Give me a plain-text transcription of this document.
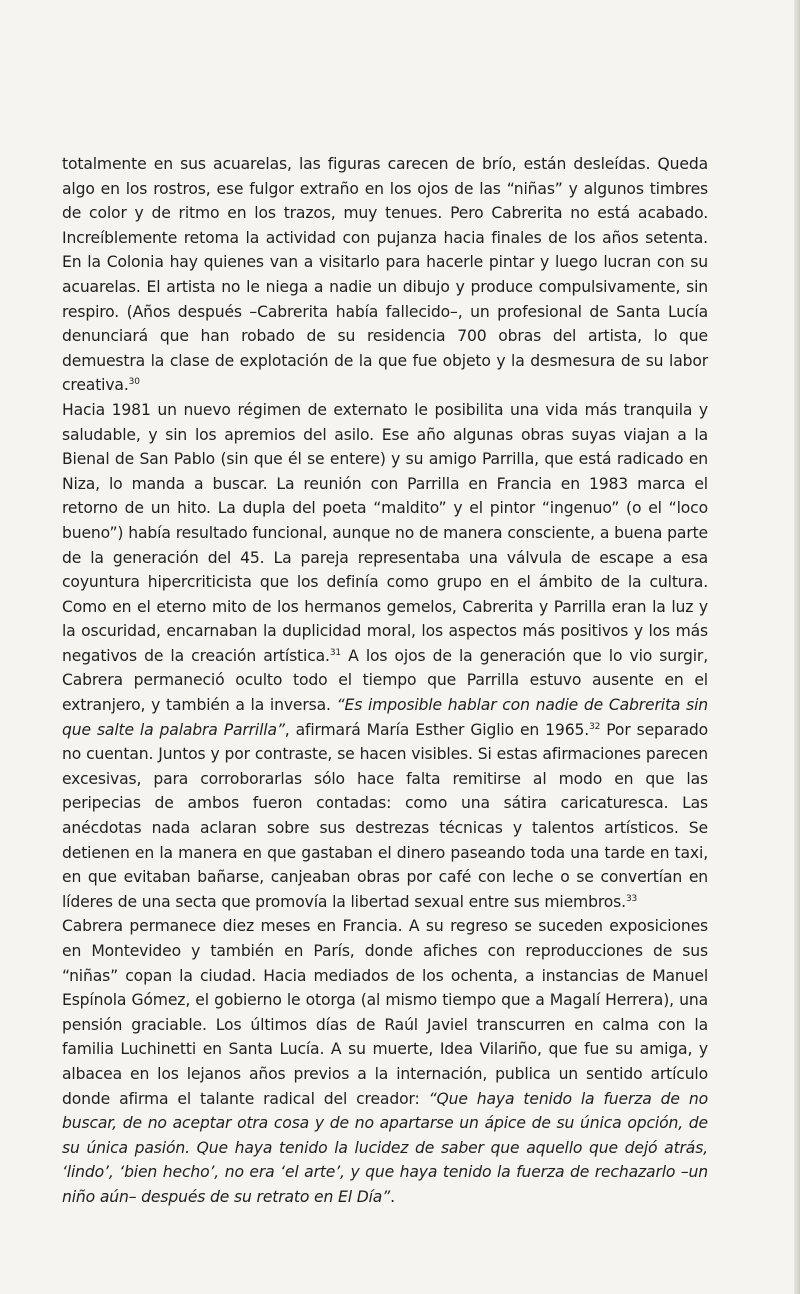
totalmente en sus acuarelas, las figuras carecen de brío, están desleídas. Queda algo en los rostros, ese fulgor extraño en los ojos de las “niñas” y algunos timbres de color y de ritmo en los trazos, muy tenues. Pero Cabrerita no está acabado. Increíblemente retoma la actividad con pujanza hacia finales de los años setenta. En la Colonia hay quienes van a visitarlo para hacerle pintar y luego lucran con su acuarelas. El artista no le niega a nadie un dibujo y produce compulsivamente, sin respiro. (Años después –Cabrerita había fallecido–, un profesional de Santa Lucía denunciará que han robado de su residencia 700 obras del artista, lo que demuestra la clase de explotación de la que fue objeto y la desmesura de su labor creativa.$^{30}$

Hacia 1981 un nuevo régimen de externato le posibilita una vida más tranquila y saludable, y sin los apremios del asilo. Ese año algunas obras suyas viajan a la Bienal de San Pablo (sin que él se entere) y su amigo Parrilla, que está radicado en Niza, lo manda a buscar. La reunión con Parrilla en Francia en 1983 marca el retorno de un hito. La dupla del poeta “maldito” y el pintor “ingenuo” (o el “loco bueno”) había resultado funcional, aunque no de manera consciente, a buena parte de la generación del 45. La pareja representaba una válvula de escape a esa coyuntura hipercriticista que los definía como grupo en el ámbito de la cultura. Como en el eterno mito de los hermanos gemelos, Cabrerita y Parrilla eran la luz y la oscuridad, encarnaban la duplicidad moral, los aspectos más positivos y los más negativos de la creación artística.$^{31}$ A los ojos de la generación que lo vio surgir, Cabrera permaneció oculto todo el tiempo que Parrilla estuvo ausente en el extranjero, y también a la inversa. “Es imposible hablar con nadie de Cabrerita sin que salte la palabra Parrilla”, afirmará María Esther Giglio en 1965.32 Por separado no cuentan. Juntos y por contraste, se hacen visibles. Si estas afirmaciones parecen excesivas, para corroborarlas sólo hace falta remitirse al modo en que las peripecias de ambos fueron contadas: como una sátira caricaturesca. Las anécdotas nada aclaran sobre sus destrezas técnicas y talentos artísticos. Se detienen en la manera en que gastaban el dinero paseando toda una tarde en taxi, en que evitaban bañarse, canjeaban obras por café con leche o se convertían en líderes de una secta que promovía la libertad sexual entre sus miembros.$^{33}$

Cabrera permanece diez meses en Francia. A su regreso se suceden exposiciones en Montevideo y también en París, donde afiches con reproducciones de sus “niñas” copan la ciudad. Hacia mediados de los ochenta, a instancias de Manuel Espínola Gómez, el gobierno le otorga (al mismo tiempo que a Magalí Herrera), una pensión graciable. Los últimos días de Raúl Javiel transcurren en calma con la familia Luchinetti en Santa Lucía. A su muerte, Idea Vilariño, que fue su amiga, y albacea en los lejanos años previos a la internación, publica un sentido artículo donde afirma el talante radical del creador: “Que haya tenido la fuerza de no buscar, de no aceptar otra cosa y de no apartarse un ápice de su única opción, de su única pasión. Que haya tenido la lucidez de saber que aquello que dejó atrás, ‘lindo’, ‘bien hecho’, no era ‘el arte’, y que haya tenido la fuerza de rechazarlo –un niño aún– después de su retrato en El Día”.
